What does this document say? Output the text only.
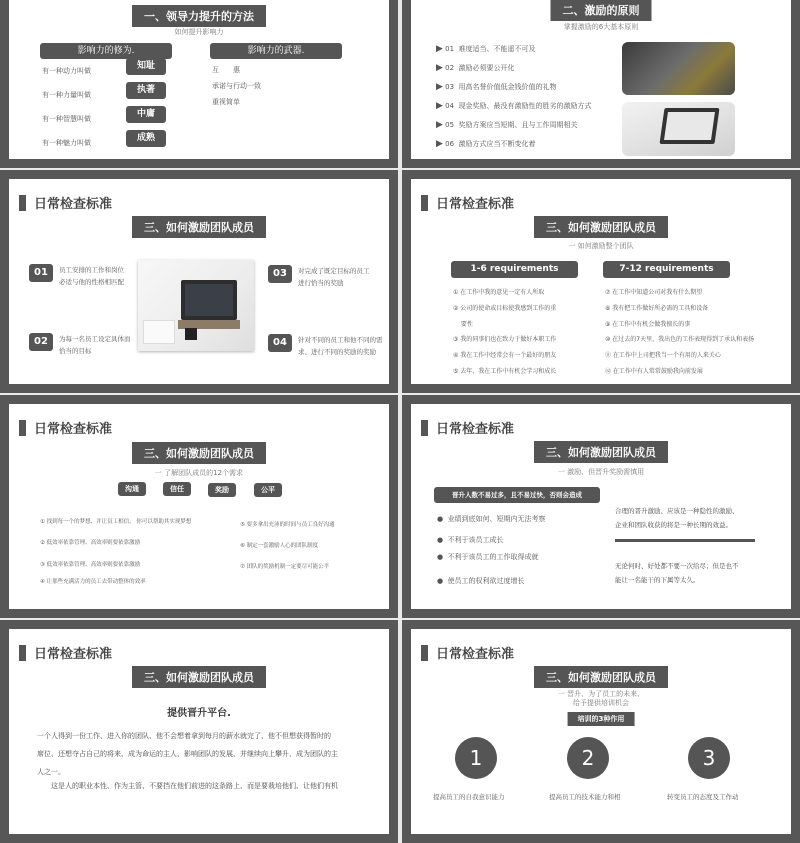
一、领导力提升的方法
如何提升影响力
影响力的修为.	影响力的武器.
有一种动力叫做	知耻
有一种力量叫做	执著
有一种智慧叫做	中庸
有一种魅力叫做	成熟
互　　惠
承诺与行动一致
重视简单
二、激励的原则
掌握激励的6大基本原则
▶ 01 难度适当、不能遥不可及
▶ 02 激励必须要公开化
▶ 03 用高名誉价值低金钱价值的礼物
▶ 04 现金奖励、最没有激励性的胜劣的激励方式
▶ 05 奖励方案应当短期、且与工作周期相关
▶ 06 激励方式应当不断变化着
日常检查标准
三、如何激励团队成员
01	员工安排的工作和岗位
必适与他的性格相匹配
02	为每一名员工设定具体而
恰当的目标
03	对完成了既定目标的员工
进行恰当的奖励
04	针对不同的员工和他不同的需
求、进行不同的奖励的奖励
日常检查标准
三、如何激励团队成员
一 如何激励整个团队
1-6 requirements	7-12 requirements
① 在工作中我的意见一定有人所取
② 公司的使命或目标使我感到工作的重
　 要性
③ 我的同事们也在致力于做好本职工作
④ 我在工作中经常会有一个最好的朋友
⑤ 去年、我在工作中有机会学习和成长
⑦ 在工作中知道公司对我有什么期望
⑧ 我有把工作做好所必需的工具和设备
⑨ 在工作中有机会做我擅长的事
⑩ 在过去的7天里、我出色的工作表现得到了承认和表扬
⑪ 在工作中上司把我当一个有用的人来关心
⑫ 在工作中有人常常鼓励我向前发展
日常检查标准
三、如何激励团队成员
一 了解团队成员的12个需求
沟通	信任	奖励	公平
① 找到每一个的梦想、并让员工相信、 你可以帮助其实现梦想
② 低效率依靠管理、高效率则要依靠激励
③ 低效率依靠管理、高效率则要依靠激励
④ 让那些充满活力的员工去带动整体的效率
⑤ 要多拿出充沛的时间与员工良好沟通
⑥ 制定一套激励人心的团队制度
⑦ 团队的奖励机制一定要尽可能公平
日常检查标准
三、如何激励团队成员
一 激励、但晋升奖励需慎用
晋升人数不易过多，且不易过快，否则会造成
● 业绩到底如何、短期内无法考察
● 不利于该员工成长
● 不利于该员工的工作取得成就
● 使员工的权利欲过度增长
合理的晋升激励、应该是一种隐性的激励、
企业和团队收获的将是一种长期的效益。
无论何时、好处都不要一次给尽；但是也不
能让一名能干的下属等太久。
日常检查标准
三、如何激励团队成员
提供晋升平台.
一个人得到一份工作、进入你的团队、他不会想着拿到每月的薪水就完了、他不但想获得暂时的
席位、还想夺占自己的将来、成为命运的主人、影响团队的发展、并继续向上攀升、成为团队的主
人之一。
这是人的职业本性、作为主管、不要挡在他们前进的这条路上、而是要栽培他们、让他们有机
日常检查标准
三、如何激励团队成员
一 晋升、为了员工的未来、
给予提供培训机会
培训的3种作用
1	2	3
提高员工的自我意识能力	提高员工的技术能力和相	转变员工的态度及工作动
